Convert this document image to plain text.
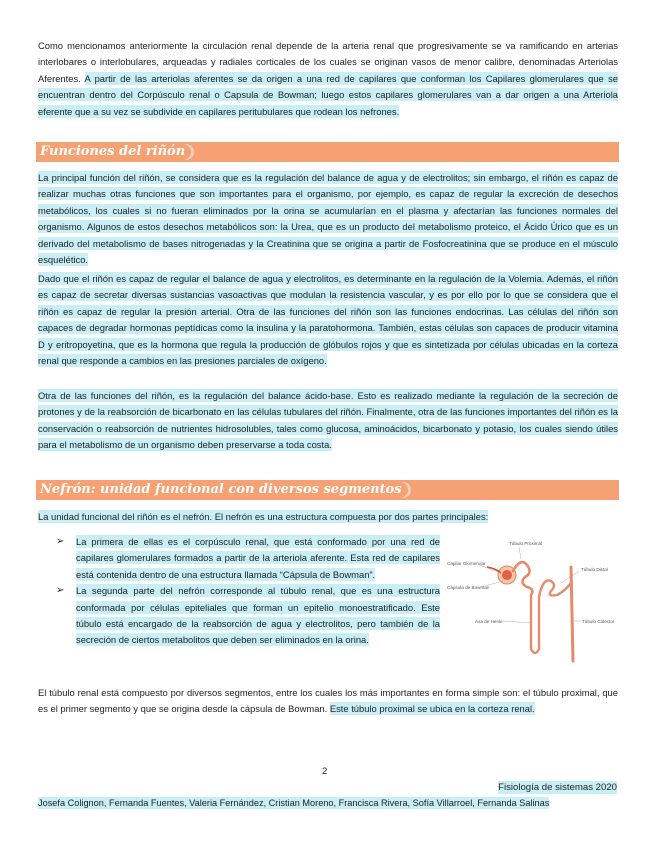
Como mencionamos anteriormente la circulación renal depende de la arteria renal que progresivamente se va ramificando en arterias interlobares o interlobulares, arqueadas y radiales corticales de los cuales se originan vasos de menor calibre, denominadas Arteriolas Aferentes. A partir de las arteriolas aferentes se da origen a una red de capilares que conforman los Capilares glomerulares que se encuentran dentro del Corpúsculo renal o Capsula de Bowman; luego estos capilares glomerulares van a dar origen a una Arteriola eferente que a su vez se subdivide en capilares peritubulares que rodean los nefrones.

Funciones del riñón

La principal función del riñón, se considera que es la regulación del balance de agua y de electrolitos; sin embargo, el riñón es capaz de realizar muchas otras funciones que son importantes para el organismo, por ejemplo, es capaz de regular la excreción de desechos metabólicos, los cuales si no fueran eliminados por la orina se acumularían en el plasma y afectarían las funciones normales del organismo. Algunos de estos desechos metabólicos son: la Urea, que es un producto del metabolismo proteico, el Ácido Úrico que es un derivado del metabolismo de bases nitrogenadas y la Creatinina que se origina a partir de Fosfocreatinina que se produce en el músculo esquelético.

Dado que el riñón es capaz de regular el balance de agua y electrolitos, es determinante en la regulación de la Volemia. Además, el riñón es capaz de secretar diversas sustancias vasoactivas que modulan la resistencia vascular, y es por ello por lo que se considera que el riñón es capaz de regular la presión arterial. Otra de las funciones del riñón son las funciones endocrinas. Las células del riñón son capaces de degradar hormonas peptídicas como la insulina y la paratohormona. También, estas células son capaces de producir vitamina D y eritropoyetina, que es la hormona que regula la producción de glóbulos rojos y que es sintetizada por células ubicadas en la corteza renal que responde a cambios en las presiones parciales de oxígeno.

Otra de las funciones del riñón, es la regulación del balance ácido-base. Esto es realizado mediante la regulación de la secreción de protones y de la reabsorción de bicarbonato en las células tubulares del riñón. Finalmente, otra de las funciones importantes del riñón es la conservación o reabsorción de nutrientes hidrosolubles, tales como glucosa, aminoácidos, bicarbonato y potasio, los cuales siendo útiles para el metabolismo de un organismo deben preservarse a toda costa.

Nefrón: unidad funcional con diversos segmentos

La unidad funcional del riñón es el nefrón. El nefrón es una estructura compuesta por dos partes principales:

➢ La primera de ellas es el corpúsculo renal, que está conformado por una red de capilares glomerulares formados a partir de la arteriola aferente. Esta red de capilares está contenida dentro de una estructura llamada “Cápsula de Bowman”.
➢ La segunda parte del nefrón corresponde al túbulo renal, que es una estructura conformada por células epiteliales que forman un epitelio monoestratificado. Este túbulo está encargado de la reabsorción de agua y electrolitos, pero también de la secreción de ciertos metabolitos que deben ser eliminados en la orina.
Túbulo Proximal
Capilar Glomerular
Túbulo Distal
Cápsula de Bowman
Asa de Henle	Túbulo Colector

El túbulo renal está compuesto por diversos segmentos, entre los cuales los más importantes en forma simple son: el túbulo proximal, que es el primer segmento y que se origina desde la cápsula de Bowman. Este túbulo proximal se ubica en la corteza renal.

2
Fisiología de sistemas 2020
Josefa Colignon, Fernanda Fuentes, Valeria Fernández, Cristian Moreno, Francisca Rivera, Sofía Villarroel, Fernanda Salinas
